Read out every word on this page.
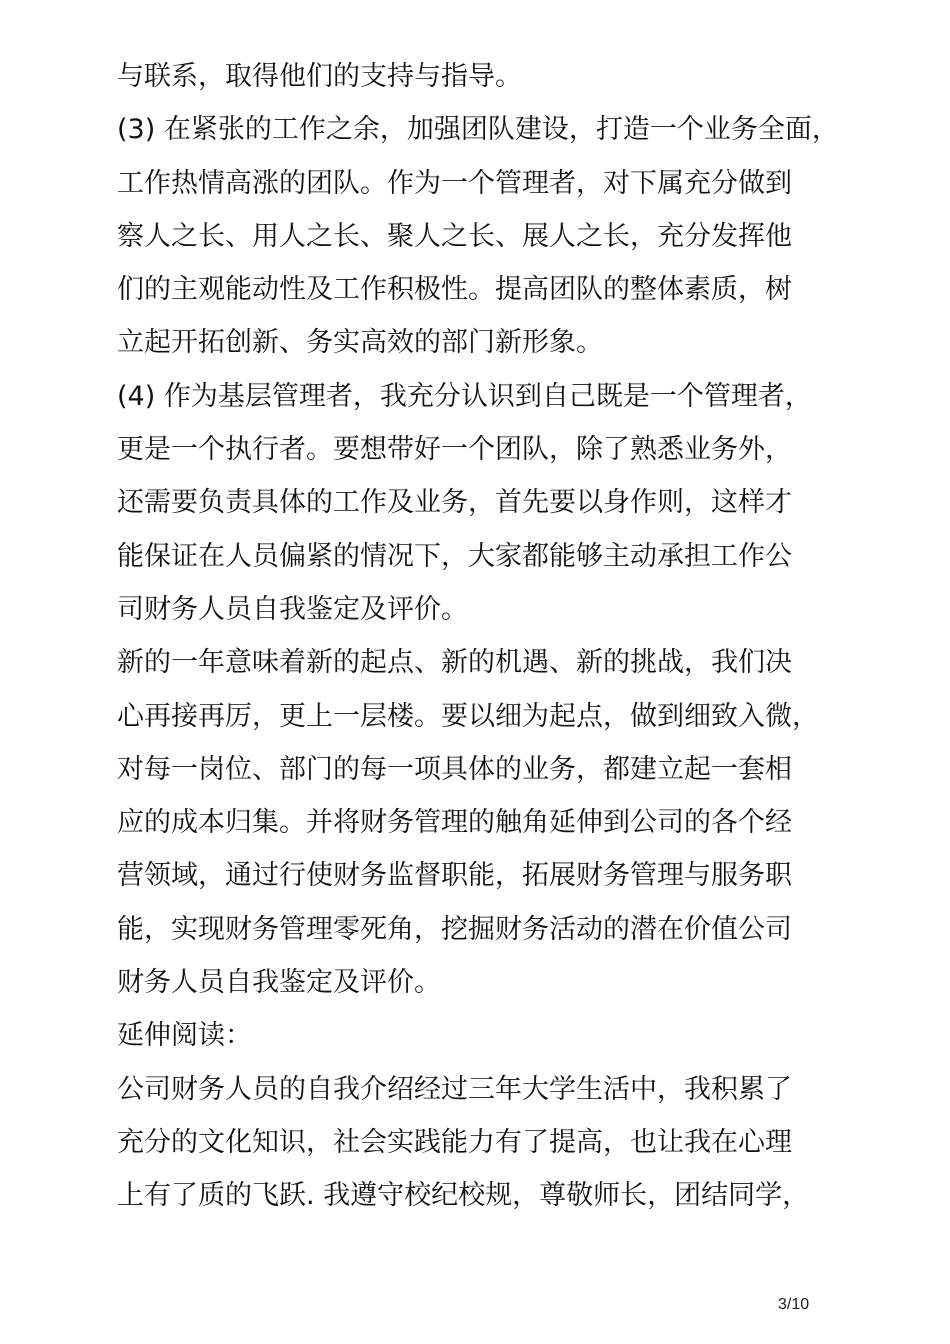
与联系，取得他们的支持与指导。
(3) 在紧张的工作之余，加强团队建设，打造一个业务全面，
工作热情高涨的团队。作为一个管理者，对下属充分做到
察人之长、用人之长、聚人之长、展人之长，充分发挥他
们的主观能动性及工作积极性。提高团队的整体素质，树
立起开拓创新、务实高效的部门新形象。
(4) 作为基层管理者，我充分认识到自己既是一个管理者，
更是一个执行者。要想带好一个团队，除了熟悉业务外，
还需要负责具体的工作及业务，首先要以身作则，这样才
能保证在人员偏紧的情况下，大家都能够主动承担工作公
司财务人员自我鉴定及评价。
新的一年意味着新的起点、新的机遇、新的挑战，我们决
心再接再厉，更上一层楼。要以细为起点，做到细致入微，
对每一岗位、部门的每一项具体的业务，都建立起一套相
应的成本归集。并将财务管理的触角延伸到公司的各个经
营领域，通过行使财务监督职能，拓展财务管理与服务职
能，实现财务管理零死角，挖掘财务活动的潜在价值公司
财务人员自我鉴定及评价。
延伸阅读：
公司财务人员的自我介绍经过三年大学生活中，我积累了
充分的文化知识，社会实践能力有了提高，也让我在心理
上有了质的飞跃. 我遵守校纪校规，尊敬师长，团结同学，
3/10
